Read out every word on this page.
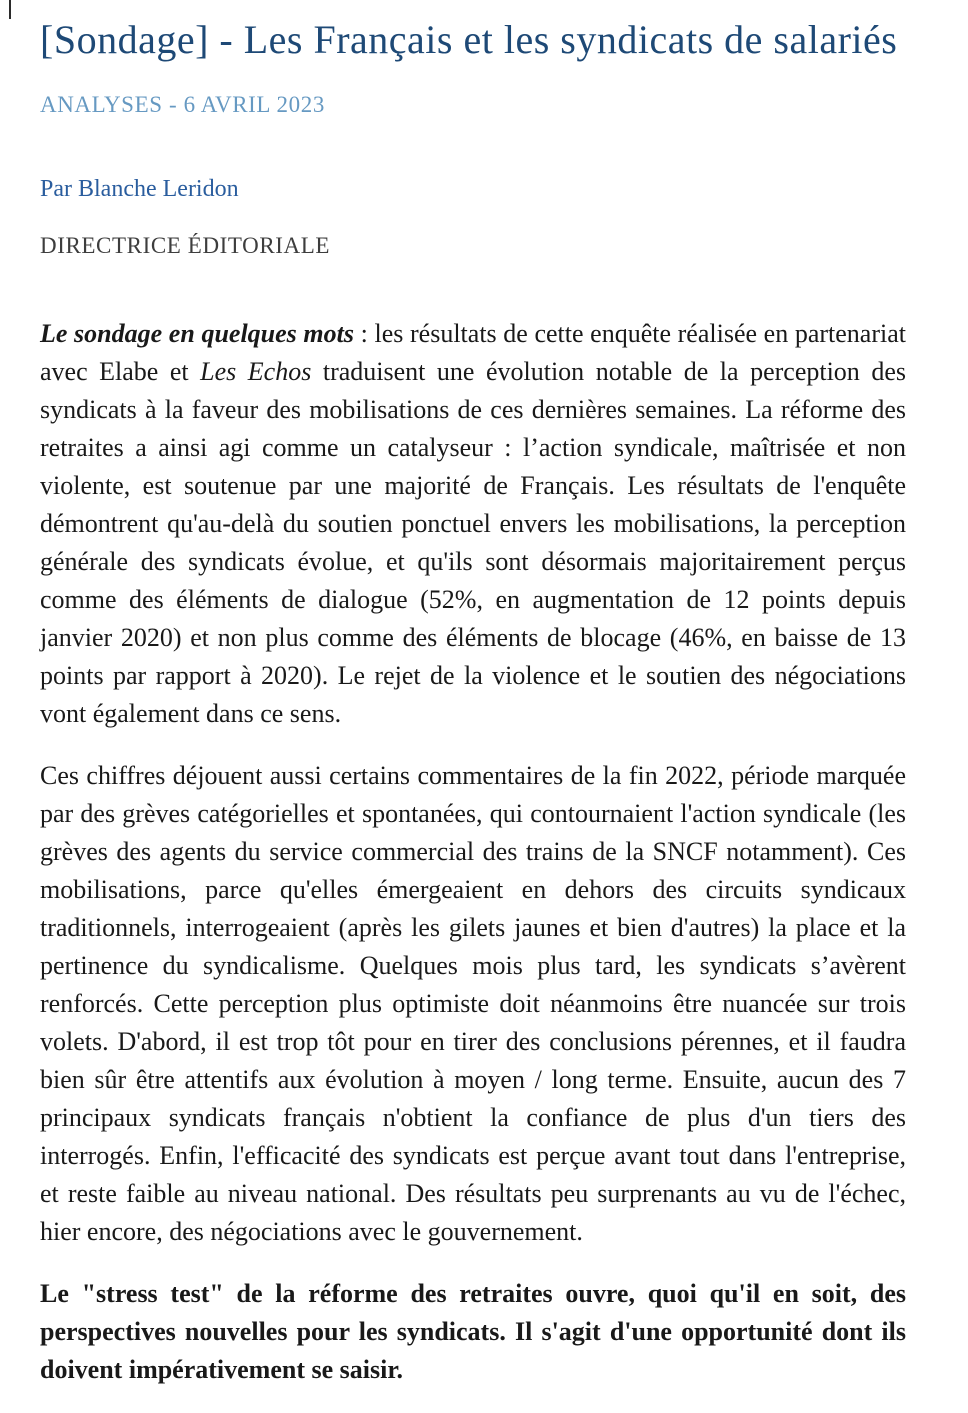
[Sondage] - Les Français et les syndicats de salariés
ANALYSES - 6 AVRIL 2023
Par Blanche Leridon
DIRECTRICE ÉDITORIALE

Le sondage en quelques mots : les résultats de cette enquête réalisée en partenariat avec Elabe et Les Echos traduisent une évolution notable de la perception des syndicats à la faveur des mobilisations de ces dernières semaines. La réforme des retraites a ainsi agi comme un catalyseur : l’action syndicale, maîtrisée et non violente, est soutenue par une majorité de Français. Les résultats de l'enquête démontrent qu'au-delà du soutien ponctuel envers les mobilisations, la perception générale des syndicats évolue, et qu'ils sont désormais majoritairement perçus comme des éléments de dialogue (52%, en augmentation de 12 points depuis janvier 2020) et non plus comme des éléments de blocage (46%, en baisse de 13 points par rapport à 2020). Le rejet de la violence et le soutien des négociations vont également dans ce sens.

Ces chiffres déjouent aussi certains commentaires de la fin 2022, période marquée par des grèves catégorielles et spontanées, qui contournaient l'action syndicale (les grèves des agents du service commercial des trains de la SNCF notamment). Ces mobilisations, parce qu'elles émergeaient en dehors des circuits syndicaux traditionnels, interrogeaient (après les gilets jaunes et bien d'autres) la place et la pertinence du syndicalisme. Quelques mois plus tard, les syndicats s’avèrent renforcés. Cette perception plus optimiste doit néanmoins être nuancée sur trois volets. D'abord, il est trop tôt pour en tirer des conclusions pérennes, et il faudra bien sûr être attentifs aux évolution à moyen / long terme. Ensuite, aucun des 7 principaux syndicats français n'obtient la confiance de plus d'un tiers des interrogés. Enfin, l'efficacité des syndicats est perçue avant tout dans l'entreprise, et reste faible au niveau national. Des résultats peu surprenants au vu de l'échec, hier encore, des négociations avec le gouvernement.

Le "stress test" de la réforme des retraites ouvre, quoi qu'il en soit, des perspectives nouvelles pour les syndicats. Il s'agit d'une opportunité dont ils doivent impérativement se saisir.
